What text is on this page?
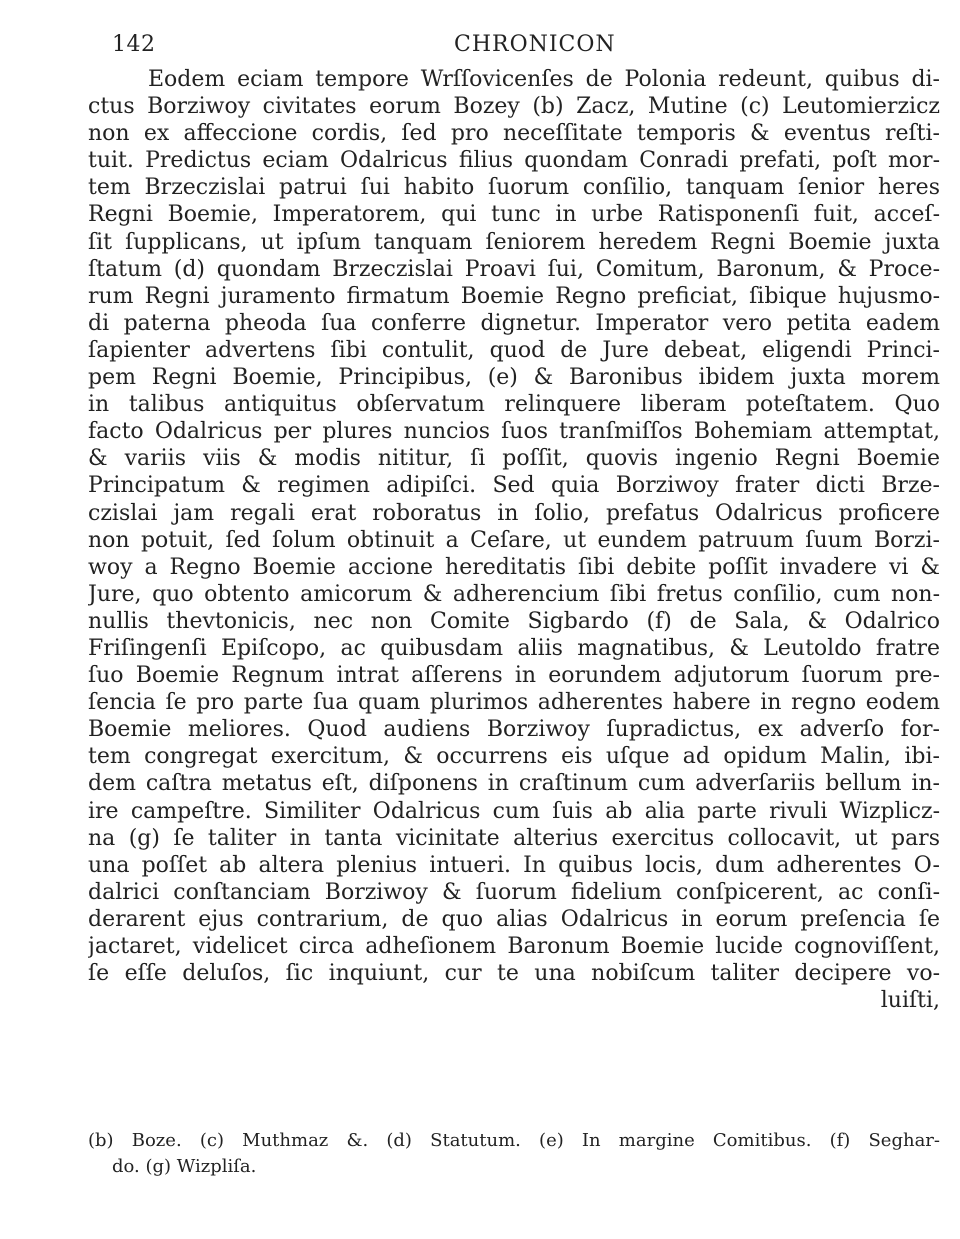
142	CHRONICON
Eodem eciam tempore Wrſſovicenſes de Polonia redeunt, quibus di-
ctus Borziwoy civitates eorum Bozey (b) Zacz, Mutine (c) Leutomierzicz
non ex affeccione cordis, ſed pro neceſſitate temporis & eventus reſti-
tuit. Predictus eciam Odalricus filius quondam Conradi prefati, poſt mor-
tem Brzeczislai patrui ſui habito ſuorum conſilio, tanquam ſenior heres
Regni Boemie, Imperatorem, qui tunc in urbe Ratisponenſi fuit, acceſ-
ſit ſupplicans, ut ipſum tanquam ſeniorem heredem Regni Boemie juxta
ſtatum (d) quondam Brzeczislai Proavi ſui, Comitum, Baronum, & Proce-
rum Regni juramento firmatum Boemie Regno preficiat, ſibique hujusmo-
di paterna pheoda ſua conferre dignetur. Imperator vero petita eadem
ſapienter advertens ſibi contulit, quod de Jure debeat, eligendi Princi-
pem Regni Boemie, Principibus, (e) & Baronibus ibidem juxta morem
in talibus antiquitus obſervatum relinquere liberam poteſtatem. Quo
facto Odalricus per plures nuncios ſuos tranſmiſſos Bohemiam attemptat,
& variis viis & modis nititur, ſi poſſit, quovis ingenio Regni Boemie
Principatum & regimen adipiſci. Sed quia Borziwoy frater dicti Brze-
czislai jam regali erat roboratus in ſolio, prefatus Odalricus proficere
non potuit, ſed ſolum obtinuit a Ceſare, ut eundem patruum ſuum Borzi-
woy a Regno Boemie accione hereditatis ſibi debite poſſit invadere vi &
Jure, quo obtento amicorum & adherencium ſibi fretus conſilio, cum non-
nullis thevtonicis, nec non Comite Sigbardo (f) de Sala, & Odalrico
Friſingenſi Epiſcopo, ac quibusdam aliis magnatibus, & Leutoldo fratre
ſuo Boemie Regnum intrat aſſerens in eorundem adjutorum ſuorum pre-
ſencia ſe pro parte ſua quam plurimos adherentes habere in regno eodem
Boemie meliores. Quod audiens Borziwoy ſupradictus, ex adverſo for-
tem congregat exercitum, & occurrens eis uſque ad opidum Malin, ibi-
dem caſtra metatus eſt, diſponens in craſtinum cum adverſariis bellum in-
ire campeſtre. Similiter Odalricus cum ſuis ab alia parte rivuli Wizplicz-
na (g) ſe taliter in tanta vicinitate alterius exercitus collocavit, ut pars
una poſſet ab altera plenius intueri. In quibus locis, dum adherentes O-
dalrici conſtanciam Borziwoy & ſuorum fidelium conſpicerent, ac conſi-
derarent ejus contrarium, de quo alias Odalricus in eorum preſencia ſe
jactaret, videlicet circa adheſionem Baronum Boemie lucide cognoviſſent,
ſe eſſe deluſos, ſic inquiunt, cur te una nobiſcum taliter decipere vo-
luiſti,
(b) Boze. (c) Muthmaz &. (d) Statutum. (e) In margine Comitibus. (f) Seghar-
do. (g) Wizpliſa.
